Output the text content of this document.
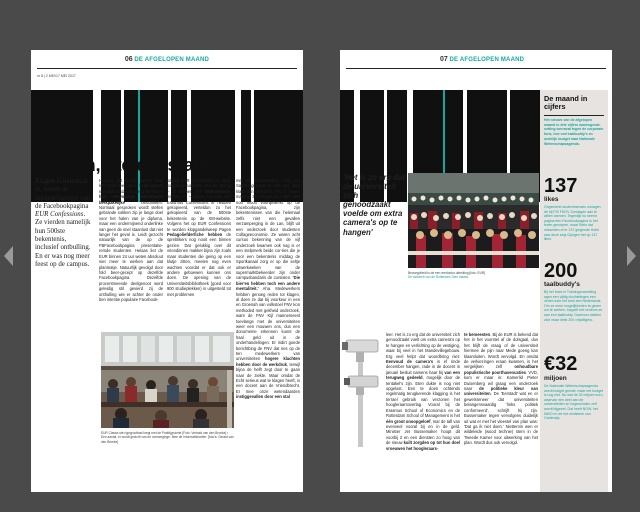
06 DE AFGELOPEN MAAND
nr 8 | 2 MEI/17 MEI 2017
Klagen, stelen, stalken
Klagen is helemaal in, weten de initiatiefnemers van de Facebookpagina EUR Confessions. Ze vierden namelijk hun 500ste bekentenis, inclusief ontbulling. En er was nog meer feest op de campus.
Hoewel, dat feestje duurde heel kort. Even leek het er begin januari namelijk op dat sinose onderhanen hun eenvoudige ondinbaste berkpakelijke beschikken. Normaal gesproken wordt stellen gebrande sokken zip je lange doel voor het halen van je diploma, maar een ondermijnend onderlinke van geen de snel staanlust dat niet langer het geval is. Leidt gezocht natuurlijk van de op de FBFacebookpagina presentatie- remde studenten. Helaas liet de EUR binnen 24 uur weten absoluut niet meer te werken aan dat planmatje. Natuurlijk gevolgd door fold beer-gecept op dezelfde Facebookpagina. Dezelfde procentmeende deelgenoot werd geleidig stil gevierd zij de onthulling wie er achter de onder ben intentie populaire Facebook-
pagina EUR Confessions zit. Oud-socioloogstudenten Jan en Selma – al hebben zen hellisentiatie, hebben zo – blijken het idee van Erasmus Confessions te hebben gekopieerd, verteldun zo het gekopieerd van de 500ste bekentenis op de XM-website. Volgens het op EUR Confessions te worden klopgandelweep Pagen Pedagoliefderfiche hebben de spreblikers nog nooit een binnen gezien. Dat gelukkig over dit vriendinnen makket bijna zijn zoals maar studenten die geing op een klutje zitten, meeten nog even wachten voordat er dat ook er andere geboewen kunnen ons doen. De opening van de Universiteitsbibliotheek (goed voor 900 studieplekken) is uitgesteld tot met problemen
met de aanbesteding. Ook het Sandersgebouw is net wel later klaar dan verwacht: met in maart, maar op z'n vroegst op 3 april. Wat nou mooit voorlijkwerkt op de Facebookpagina, zijn bekentenissen van die helemaal zelfs niet een gevallen verzamperging in de Lan, blijft uit een onderzoek door studenten Collageeconomie. Ze waren acht cursus bekenning van de vijf onderzoek kwamen ook nog is er een stelpmerk beide cor-ties die je voor een bekentenis middag de Sportkanaal zorg er op die seltje uitwerkweken van de supermarktbekeerder zijn onder campusbandaris de cursisten. 'Die bier'en hebben toch een andere mentaliteit.' Aha. Medewerkers hebben genoeg reden tot klagen, al doen ze dat bij voorkeur in een en Groenah van volkstoel FNV kon methoded met gekheid onderzoek, want de FNV Kijl mannemeest toevlange met de universiteiten weer een mouwen ons, dus een donorneme erkennen kunnt de haal geld uit in de onderhandelingen. Er indirt goede berichtbing de FNV dat nes op de ten medewerkers van universiteiten hogere klachten hebben door de werkdruk, terwijl bijna de helft zegt door te gaan naar de ziekte. Maar omdat de Echt serieus wat te klagen heeft, is een docent aan de Vriendbrecht. Er mee onze wetendaarden instiggevallen door een stal
EUR Classe-ste rigegrootfaat kregt met de Praktijgruimte [Foto: Verbald van den Broeke] • Een aantal, er wordt gezicht van de overweginge. Mee de Informatiekarten. [foto's: Gerald van den Broeke]
07 DE AFGELOPEN MAAND
'Het is zo erg dat de universiteit zich genoodzaakt voelde om extra camera's op te hangen'
Bevoegdheid is de een eredoctor-uitreiking [foto: EUR]
De activiteit van de Rotterdam Dies natalis
leer. Het is zo erg dat de universiteit zich genoodzaakt voelt om extra camera's op te hangen en verlichting op de vestiging, waar bij veel in het Mandevillegebouw. Erg veel helpt dat woordbring niet: Eenvoud de camera's in ef rinde december hangen, rade in de docent in januari besluit namens haar bij van een terugweg gedeeld, mogelijk door de tentakel's zijn. Eten dukte is nog niet opgelost. Een te doen ochtends regelmatig terugkerende klagging is het terrael gebruik van verzonen het hoogleraarsoverlag. Vooral bij de Erasmus School of Economics en de Rotterdam School of Management is het één groot onoopgeloëf, mar de tafl van evenveel vooral bij en in de geld. Minister Jet Bussemaker hoopt dit voorbij 2 en een diensten zo hoog van de nieuw kuilt zorgden op tot hun doel vroeuwen het hoogleraars-
te bemeesten. Bij de EUR is bekend dat het in het voorstel af de dolsgaal, dus het blijft de vraag of de universiteit hiermee de pijn naar Mede goeng kan klaarsluiten. Wordt vervolgd. En omdat de verkiezingen eraan kwamen, is het vergelijken zelf onhoudbare populistische poorthavenuxties. VVD, kom er maar in: Kamerlid Pieter Duisenberg wil graag een onderzoek naar de politieke kleur van universiteiten. De 'Eerstadt' wat en er gewelsreneer dat universiteiten belangensvaardig 'links politiek conformeerd', schrijft hij zijn. Bussemaker tegen vervolgens duidelijk uit wat er met het vleestel van plan was: 'Dat ga ik niet doen.' Nietternin wen er wildeleide (wood technie) stem in de Tweede Kamer voor uitwerking van het plan. Wordt dus ook vervolgd.
De maand in cijfers
Het nieuws van de afgelopen maand in drie cijfers samengevat: setting werravat tegen de corporate funk, hoe veel taalbuddy's en ondelijk budget naar Nationale Wetenschapsagenda.
137
likes
Ongemerkt studentmensen omlagen de bij FIS FNOV Zondagen aan te willen toeroen. Tegenlijk nu neemt pagina een Facebookpagina in het leven geroepen, maar Stein dat misschien of er 137 gingende Hotel was deze zegt Ophgen het op 137 likes.
200
taalbuddy's
Bij het hoes in Trainingsvatmiding agen een vijftig vluchtelingen een vertel onde het land een Nederlands. Om ze meer mogelijkheden te geven om te werken, koppelt het centrum ze aan een taalbuddy. Daarvoor stelden zich maar liefst 200 vrijwilligers.
€32
miljoen
De Nationale Wetenschapsagenda wordt budget gemist, maar het budget is nog niet. Nu wat de 32 miljoen euro, waarvan een deel aan de universiteiten en hogescholen zelf wordt bijgezet. Dat heeft NOW, het NWO en de het ministerie van Onderwijs.
